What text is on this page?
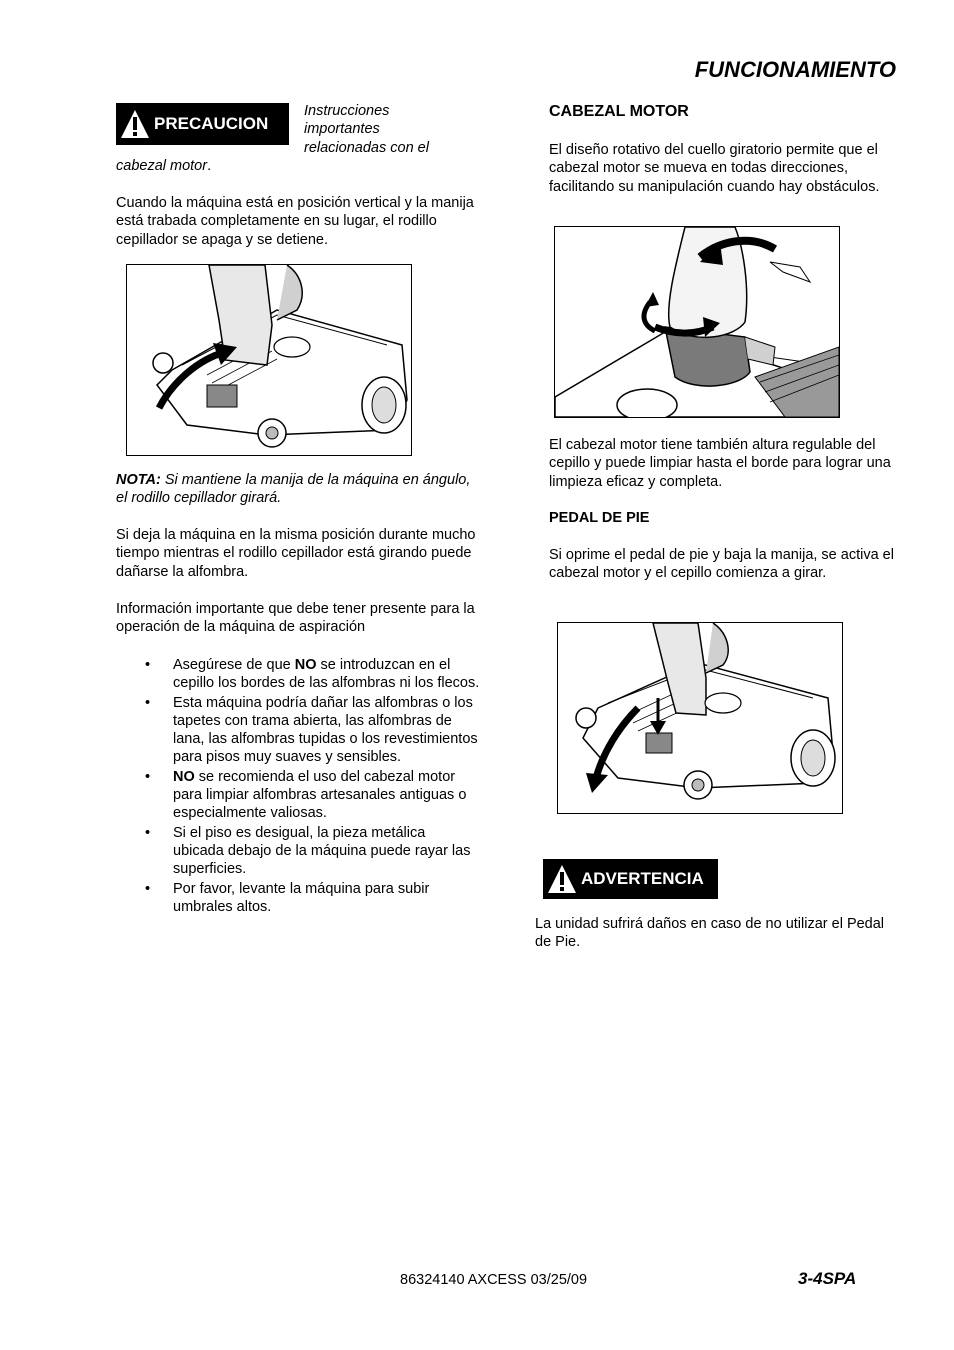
FUNCIONAMIENTO
PRECAUCION
Instrucciones
importantes
relacionadas con el
cabezal motor.

Cuando la máquina está en posición vertical y la manija está trabada completamente en su lugar, el rodillo cepillador se apaga y se detiene.

NOTA: Si mantiene la manija de la máquina en ángulo, el rodillo cepillador girará.

Si deja la máquina en la misma posición durante mucho tiempo mientras el rodillo cepillador está girando puede dañarse la alfombra.

Información importante que debe tener presente para la operación de la máquina de aspiración

• Asegúrese de que NO se introduzcan en el cepillo los bordes de las alfombras ni los flecos.
• Esta máquina podría dañar las alfombras o los tapetes con trama abierta, las alfombras de lana, las alfombras tupidas o los revestimientos para pisos muy suaves y sensibles.
• NO se recomienda el uso del cabezal motor para limpiar alfombras artesanales antiguas o especialmente valiosas.
• Si el piso es desigual, la pieza metálica ubicada debajo de la máquina puede rayar las superficies.
• Por favor, levante la máquina para subir umbrales altos.
CABEZAL MOTOR

El diseño rotativo del cuello giratorio permite que el cabezal motor se mueva en todas direcciones, facilitando su manipulación cuando hay obstáculos.

El cabezal motor tiene también altura regulable del cepillo y puede limpiar hasta el borde para lograr una limpieza eficaz y completa.

PEDAL DE PIE

Si oprime el pedal de pie y baja la manija, se activa el cabezal motor y el cepillo comienza a girar.

ADVERTENCIA

La unidad sufrirá daños en caso de no utilizar el Pedal de Pie.

86324140 AXCESS 03/25/09	3-4SPA
